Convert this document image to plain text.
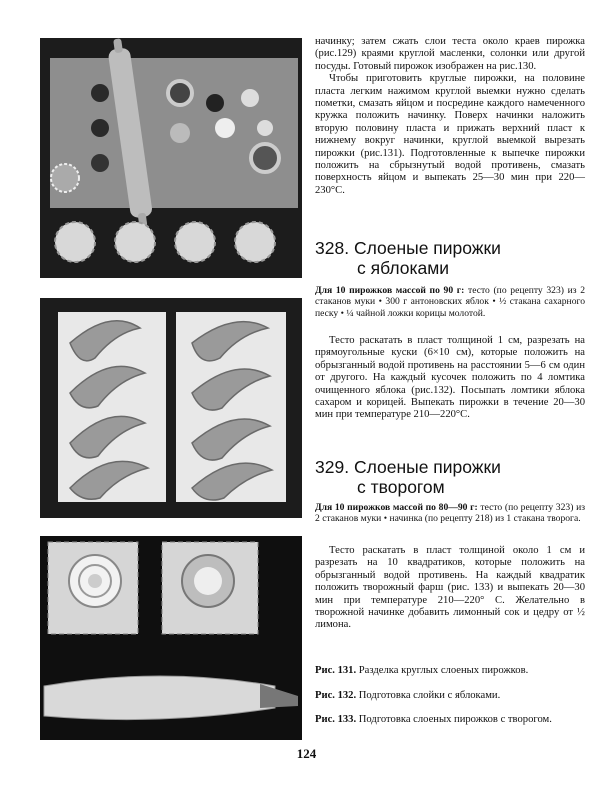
начинку; затем сжать слои теста около краев пирожка (рис.129) краями круглой масленки, солонки или другой посуды. Готовый пирожок изображен на рис.130.

Чтобы приготовить круглые пирожки, на половине пласта легким нажимом круглой выемки нужно сделать пометки, смазать яйцом и посредине каждого намеченного кружка положить начинку. Поверх начинки наложить вторую половину пласта и прижать верхний пласт к нижнему вокруг начинки, круглой выемкой вырезать пирожки (рис.131). Подготовленные к выпечке пирожки положить на сбрызнутый водой противень, смазать поверхность яйцом и выпекать 25—30 мин при 220—230°С.

328. Слоеные пирожки
с яблоками
Для 10 пирожков массой по 90 г: тесто (по рецепту 323) из 2 стаканов муки • 300 г антоновских яблок • ½ стакана сахарного песку • ¼ чайной ложки корицы молотой.

Тесто раскатать в пласт толщиной 1 см, разрезать на прямоугольные куски (6×10 см), которые положить на обрызганный водой противень на расстоянии 5—6 см один от другого. На каждый кусочек положить по 4 ломтика очищенного яблока (рис.132). Посыпать ломтики яблока сахаром и корицей. Выпекать пирожки в течение 20—30 мин при температуре 210—220°С.

329. Слоеные пирожки
с творогом
Для 10 пирожков массой по 80—90 г: тесто (по рецепту 323) из 2 стаканов муки • начинка (по рецепту 218) из 1 стакана творога.

Тесто раскатать в пласт толщиной около 1 см и разрезать на 10 квадратиков, которые положить на обрызганный водой противень. На каждый квадратик положить творожный фарш (рис. 133) и выпекать 20—30 мин при температуре 210—220° С. Желательно в творожной начинке добавить лимонный сок и цедру от ½ лимона.

Рис. 131. Разделка круглых слоеных пирожков.
Рис. 132. Подготовка слойки с яблоками.
Рис. 133. Подготовка слоеных пирожков с творогом.
124
